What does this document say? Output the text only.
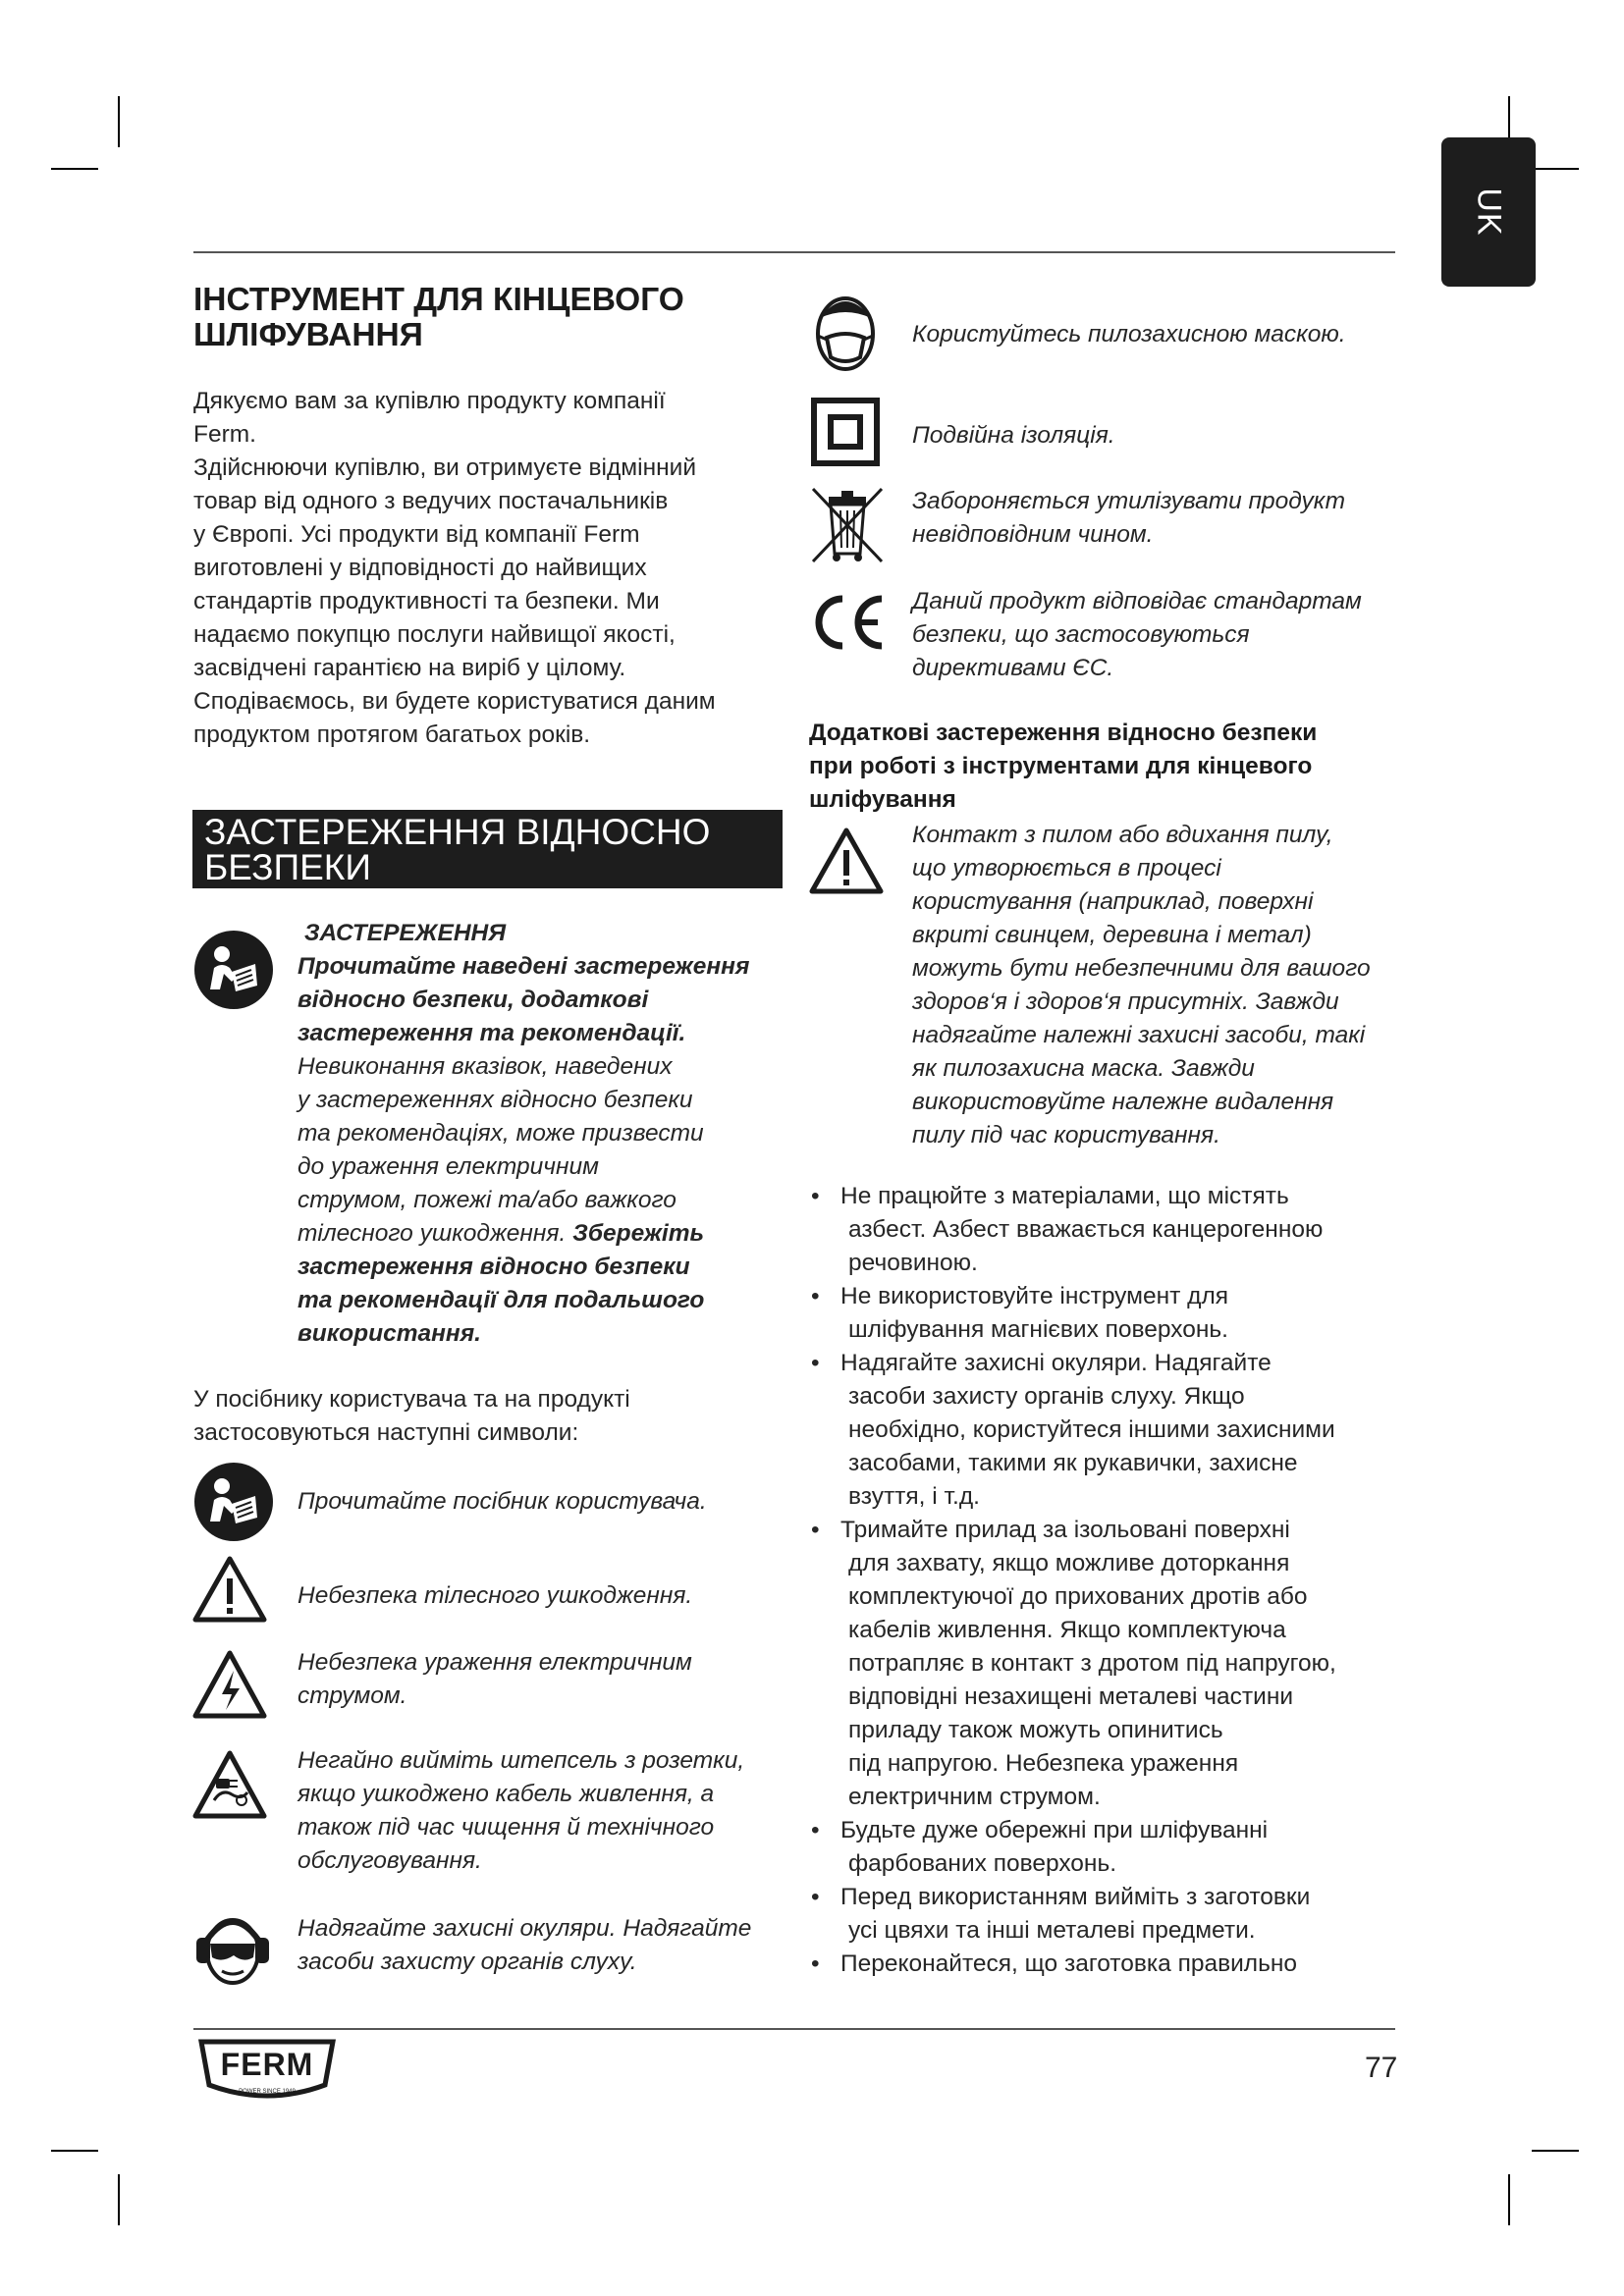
UK
ІНСТРУМЕНТ ДЛЯ КІНЦЕВОГО ШЛІФУВАННЯ
Дякуємо вам за купівлю продукту компанії
Ferm.
Здійснюючи купівлю, ви отримуєте відмінний
товар від одного з ведучих постачальників
у Європі. Усі продукти від компанії Ferm
виготовлені у відповідності до найвищих
стандартів продуктивності та безпеки. Ми
надаємо покупцю послуги найвищої якості,
засвідчені гарантією на виріб у цілому.
Сподіваємось, ви будете користуватися даним
продуктом протягом багатьох років.
ЗАСТЕРЕЖЕННЯ ВІДНОСНО
БЕЗПЕКИ
ЗАСТЕРЕЖЕННЯ
Прочитайте наведені застереження
відносно безпеки, додаткові
застереження та рекомендації.
Невиконання вказівок, наведених
у застереженнях відносно безпеки
та рекомендаціях, може призвести
до ураження електричним
струмом, пожежі та/або важкого
тілесного ушкодження. Збережіть
застереження відносно безпеки
та рекомендації для подальшого
використання.
У посібнику користувача та на продукті
застосовуються наступні символи:
Прочитайте посібник користувача.
Небезпека тілесного ушкодження.
Небезпека ураження електричним
струмом.
Негайно вийміть штепсель з розетки,
якщо ушкоджено кабель живлення, а
також під час чищення й технічного
обслуговування.
Надягайте захисні окуляри. Надягайте
засоби захисту органів слуху.
Користуйтесь пилозахисною маскою.
Подвійна ізоляція.
Забороняється утилізувати продукт
невідповідним чином.
Даний продукт відповідає стандартам
безпеки, що застосовуються
директивами ЄС.
Додаткові застереження відносно безпеки
при роботі з інструментами для кінцевого
шліфування
Контакт з пилом або вдихання пилу,
що утворюється в процесі
користування (наприклад, поверхні
вкриті свинцем, деревина і метал)
можуть бути небезпечними для вашого
здоров‘я і здоров‘я присутніх. Завжди
надягайте належні захисні засоби, такі
як пилозахисна маска. Завжди
використовуйте належне видалення
пилу під час користування.
• Не працюйте з матеріалами, що містять
азбест. Азбест вважається канцерогенною
речовиною.
• Не використовуйте інструмент для
шліфування магнієвих поверхонь.
• Надягайте захисні окуляри. Надягайте
засоби захисту органів слуху. Якщо
необхідно, користуйтеся іншими захисними
засобами, такими як рукавички, захисне
взуття, і т.д.
• Тримайте прилад за ізольовані поверхні
для захвату, якщо можливе доторкання
комплектуючої до прихованих дротів або
кабелів живлення. Якщо комплектуюча
потрапляє в контакт з дротом під напругою,
відповідні незахищені металеві частини
приладу також можуть опинитись
під напругою. Небезпека ураження
електричним струмом.
• Будьте дуже обережні при шліфуванні
фарбованих поверхонь.
• Перед використанням вийміть з заготовки
усі цвяхи та інші металеві предмети.
• Переконайтеся, що заготовка правильно
FERM
POWER SINCE 1949
77
